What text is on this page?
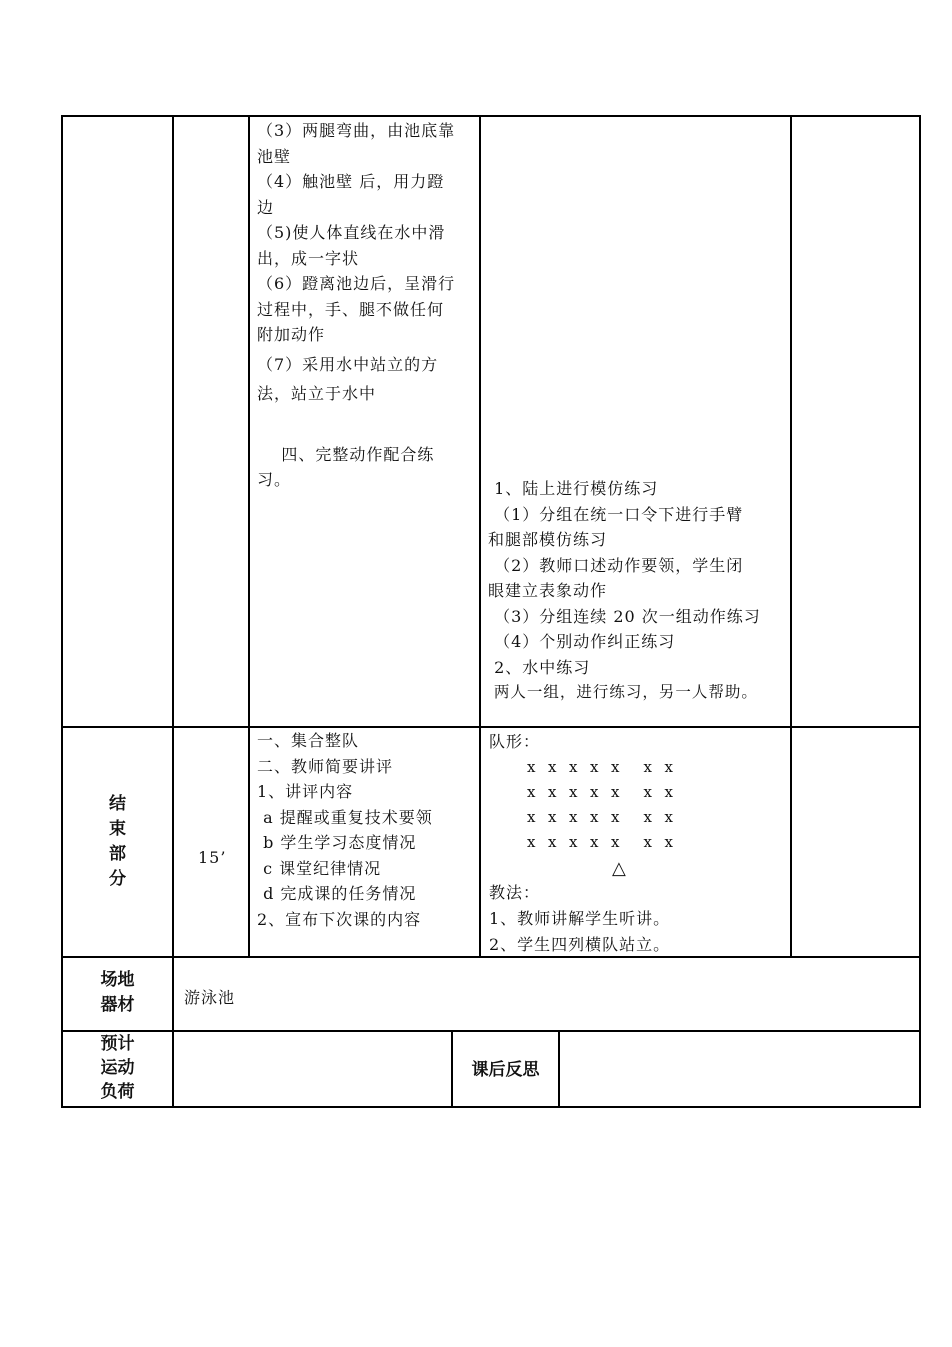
（3）两腿弯曲，由池底靠
池壁
（4）触池壁 后，用力蹬
边
（5)使人体直线在水中滑
出，成一字状
（6）蹬离池边后，呈滑行
过程中，手、腿不做任何
附加动作
（7）采用水中站立的方
法，站立于水中
四、完整动作配合练
习。	1、陆上进行模仿练习
（1）分组在统一口令下进行手臂
和腿部模仿练习
（2）教师口述动作要领，学生闭
眼建立表象动作
（3）分组连续 20 次一组动作练习
（4）个别动作纠正练习
2、水中练习
两人一组，进行练习，另一人帮助。
结
束
部
分
15’
一、集合整队
二、教师简要讲评
1、讲评内容
a 提醒或重复技术要领
b 学生学习态度情况
c 课堂纪律情况
d 完成课的任务情况
2、宣布下次课的内容
队形：
x  x  x  x  x    x  x
x  x  x  x  x    x  x
x  x  x  x  x    x  x
x  x  x  x  x    x  x
△
教法：
1、教师讲解学生听讲。
2、学生四列横队站立。
场地
器材	游泳池
预计
运动
负荷
课后反思
